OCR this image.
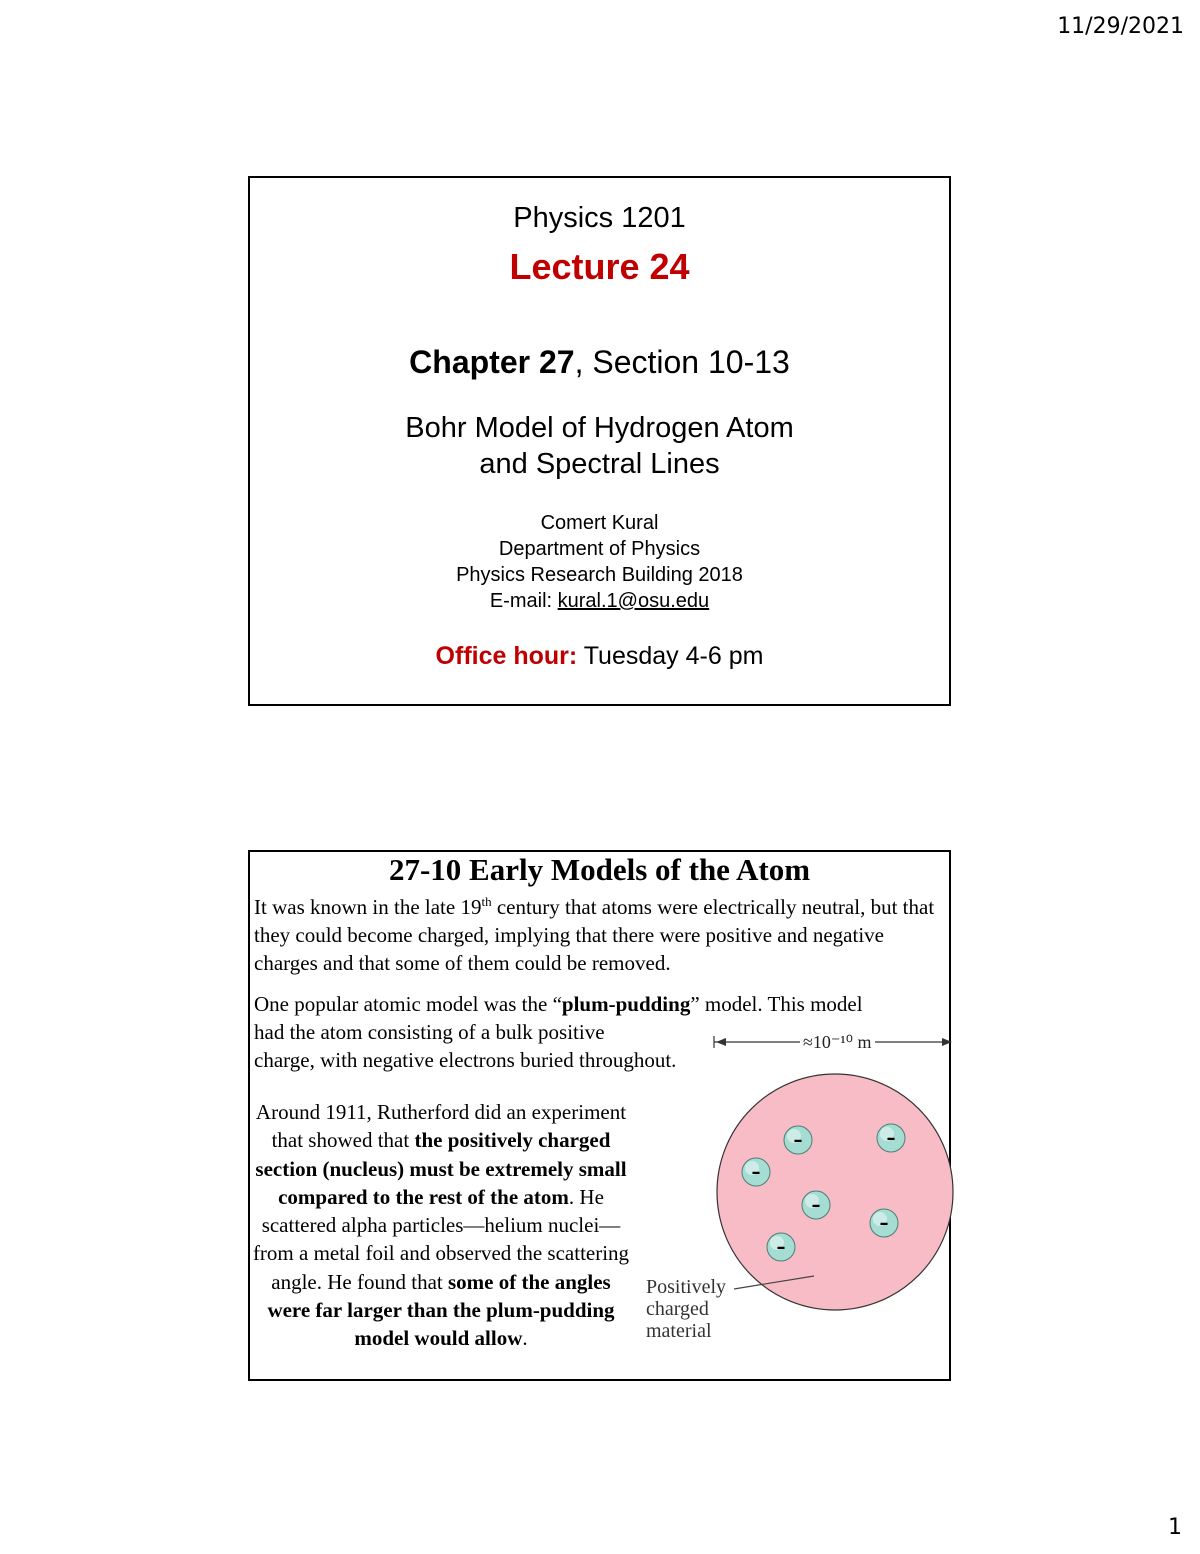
11/29/2021
Physics 1201
Lecture 24
Chapter 27, Section 10-13
Bohr Model of Hydrogen Atom
and Spectral Lines
Comert Kural
Department of Physics
Physics Research Building 2018
E-mail: kural.1@osu.edu
Office hour: Tuesday 4-6 pm
27-10 Early Models of the Atom
It was known in the late 19th century that atoms were electrically neutral, but that they could become charged, implying that there were positive and negative charges and that some of them could be removed.
One popular atomic model was the “plum-pudding” model. This model
had the atom consisting of a bulk positive
charge, with negative electrons buried throughout.
Around 1911, Rutherford did an experiment that showed that the positively charged section (nucleus) must be extremely small compared to the rest of the atom. He scattered alpha particles—helium nuclei—from a metal foil and observed the scattering angle. He found that some of the angles were far larger than the plum-pudding model would allow.
–	–
–
–
–
–
≈10⁻¹⁰ m
Positively
charged
material
1
